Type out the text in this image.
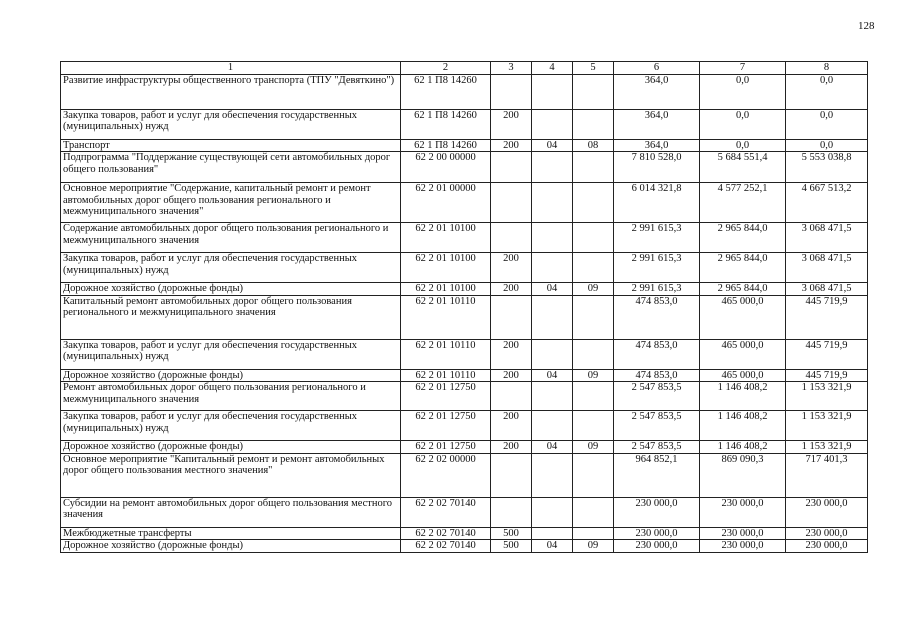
128
1	2	3	4	5	6	7	8
Развитие инфраструктуры общественного транспорта (ТПУ "Девяткино")	62 1 П8 14260				364,0	0,0	0,0
Закупка товаров, работ и услуг для обеспечения государственных (муниципальных) нужд	62 1 П8 14260	200			364,0	0,0	0,0
Транспорт	62 1 П8 14260	200	04	08	364,0	0,0	0,0
Подпрограмма "Поддержание существующей сети автомобильных дорог общего пользования"	62 2 00 00000				7 810 528,0	5 684 551,4	5 553 038,8
Основное мероприятие "Содержание, капитальный ремонт и ремонт автомобильных дорог общего пользования регионального и межмуниципального значения"	62 2 01 00000				6 014 321,8	4 577 252,1	4 667 513,2
Содержание автомобильных дорог общего пользования регионального и межмуниципального значения	62 2 01 10100				2 991 615,3	2 965 844,0	3 068 471,5
Закупка товаров, работ и услуг для обеспечения государственных (муниципальных) нужд	62 2 01 10100	200			2 991 615,3	2 965 844,0	3 068 471,5
Дорожное хозяйство (дорожные фонды)	62 2 01 10100	200	04	09	2 991 615,3	2 965 844,0	3 068 471,5
Капитальный ремонт автомобильных дорог общего пользования регионального и межмуниципального значения	62 2 01 10110				474 853,0	465 000,0	445 719,9
Закупка товаров, работ и услуг для обеспечения государственных (муниципальных) нужд	62 2 01 10110	200			474 853,0	465 000,0	445 719,9
Дорожное хозяйство (дорожные фонды)	62 2 01 10110	200	04	09	474 853,0	465 000,0	445 719,9
Ремонт автомобильных дорог общего пользования регионального и межмуниципального значения	62 2 01 12750				2 547 853,5	1 146 408,2	1 153 321,9
Закупка товаров, работ и услуг для обеспечения государственных (муниципальных) нужд	62 2 01 12750	200			2 547 853,5	1 146 408,2	1 153 321,9
Дорожное хозяйство (дорожные фонды)	62 2 01 12750	200	04	09	2 547 853,5	1 146 408,2	1 153 321,9
Основное мероприятие "Капитальный ремонт и ремонт автомобильных дорог общего пользования местного значения"	62 2 02 00000				964 852,1	869 090,3	717 401,3
Субсидии на ремонт автомобильных дорог общего пользования местного значения	62 2 02 70140				230 000,0	230 000,0	230 000,0
Межбюджетные трансферты	62 2 02 70140	500			230 000,0	230 000,0	230 000,0
Дорожное хозяйство (дорожные фонды)	62 2 02 70140	500	04	09	230 000,0	230 000,0	230 000,0
